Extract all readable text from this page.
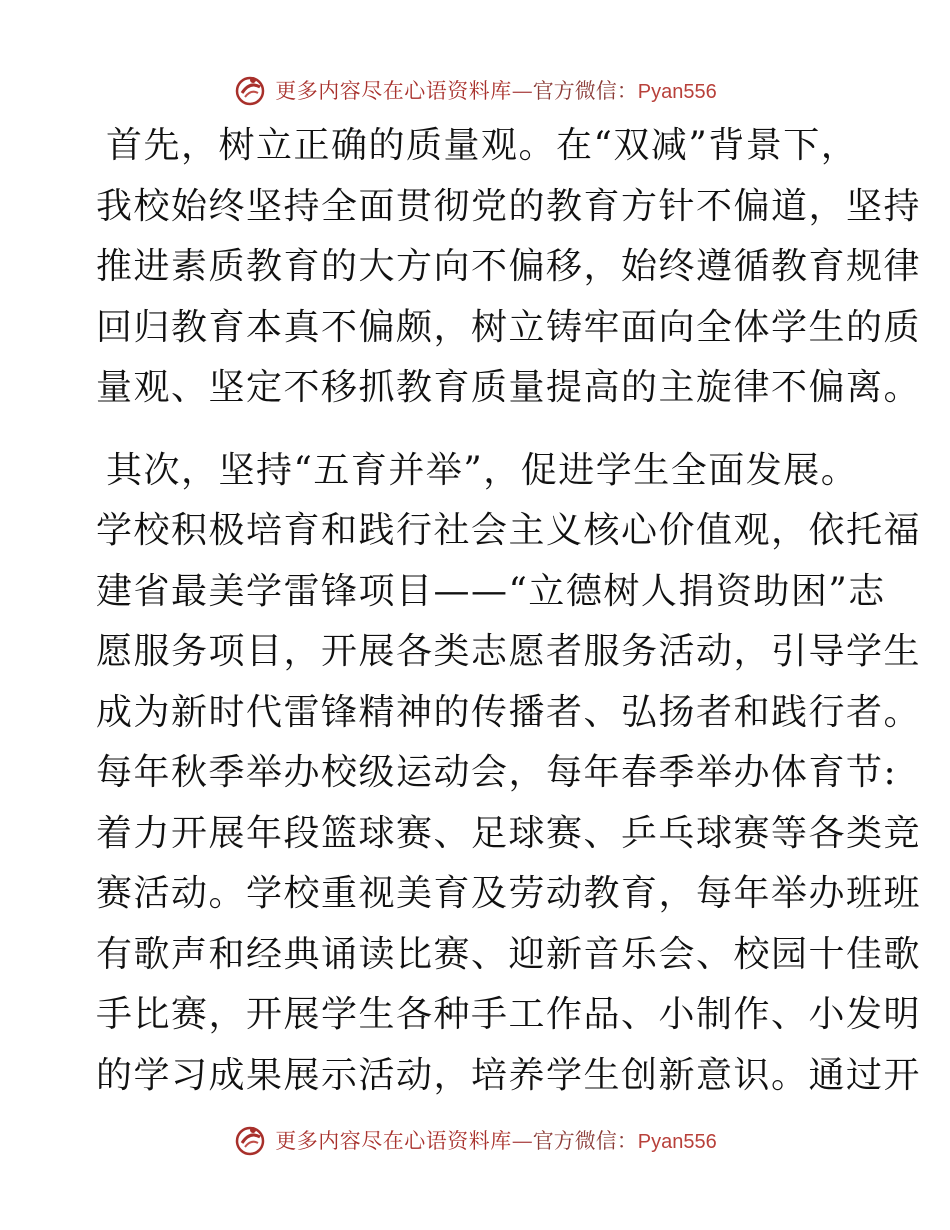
更多内容尽在心语资料库 — 官方微信： Pyan556
首先，树立正确的质量观。在“双减”背景下，
我校始终坚持全面贯彻党的教育方针不偏道，坚持
推进素质教育的大方向不偏移，始终遵循教育规律
回归教育本真不偏颇，树立铸牢面向全体学生的质
量观、坚定不移抓教育质量提高的主旋律不偏离。
其次，坚持“五育并举”，促进学生全面发展。
学校积极培育和践行社会主义核心价值观，依托福
建省最美学雷锋项目——“立德树人捐资助困”志
愿服务项目，开展各类志愿者服务活动，引导学生
成为新时代雷锋精神的传播者、弘扬者和践行者。
每年秋季举办校级运动会，每年春季举办体育节:
着力开展年段篮球赛、足球赛、乒乓球赛等各类竞
赛活动。学校重视美育及劳动教育，每年举办班班
有歌声和经典诵读比赛、迎新音乐会、校园十佳歌
手比赛，开展学生各种手工作品、小制作、小发明
的学习成果展示活动，培养学生创新意识。通过开
更多内容尽在心语资料库 — 官方微信： Pyan556
